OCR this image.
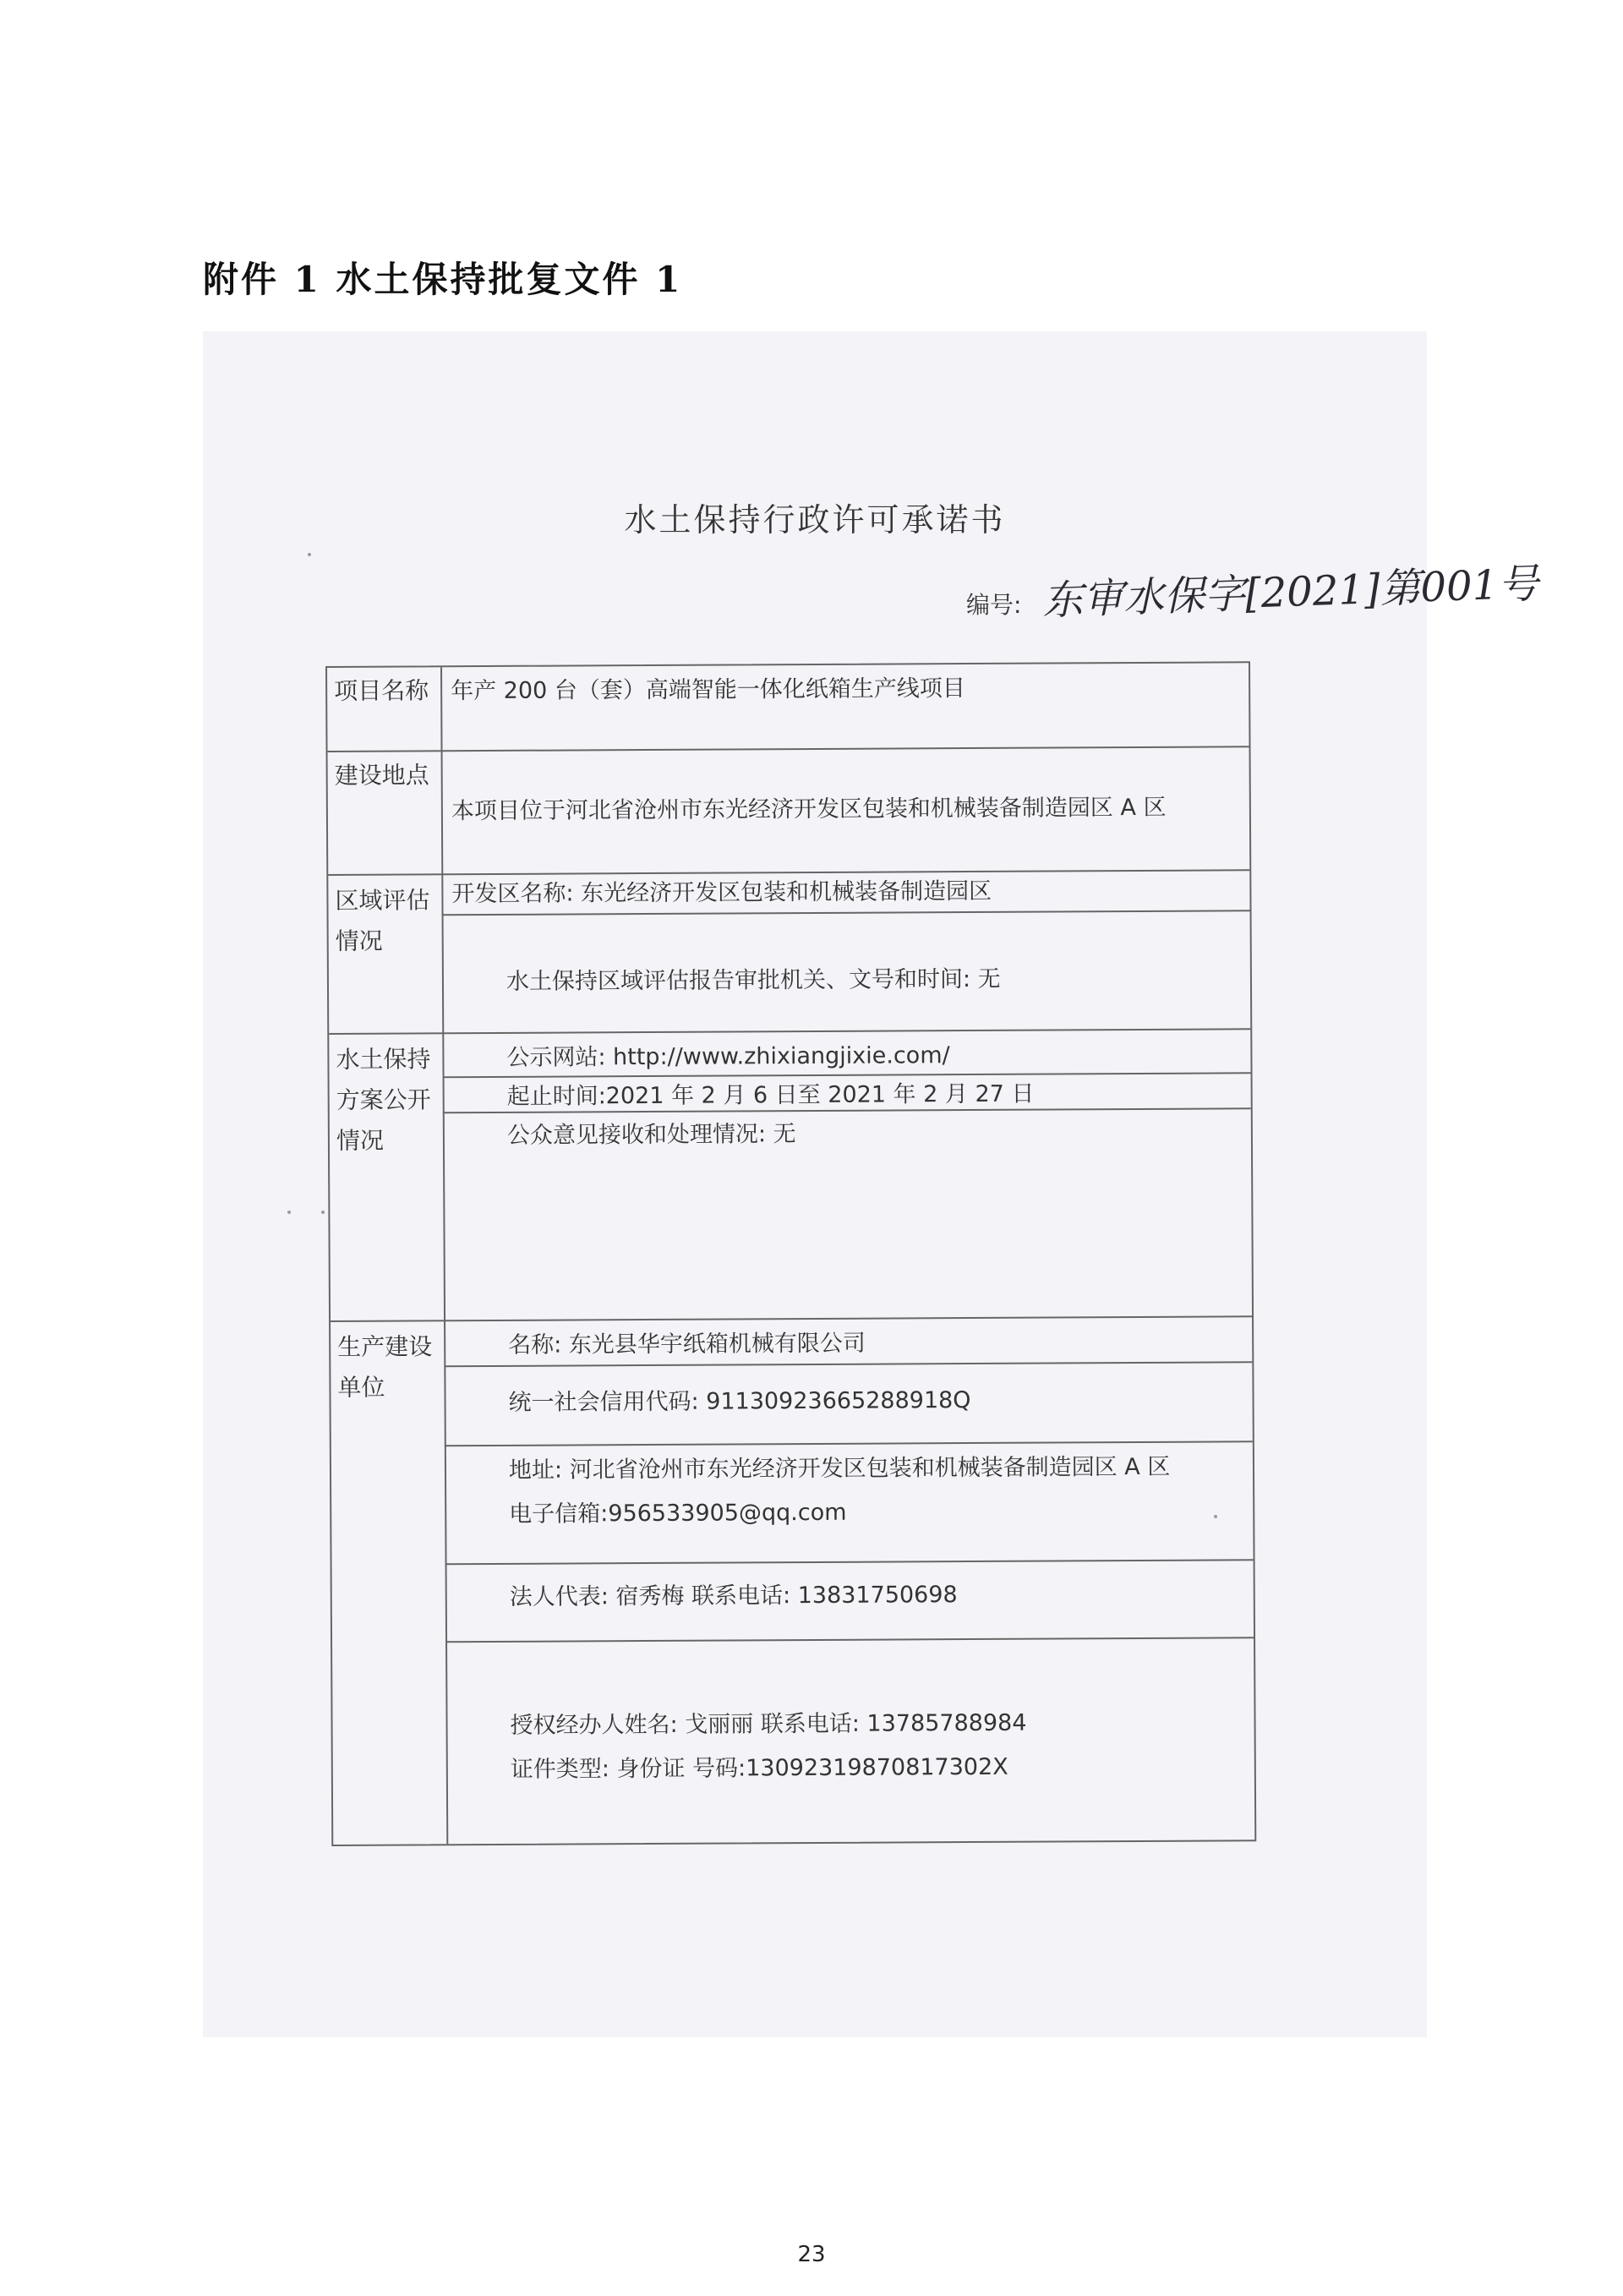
附件 1 水土保持批复文件 1
水土保持行政许可承诺书
编号: 东审水保字[2021]第001号
项目名称 年产 200 台（套）高端智能一体化纸箱生产线项目
建设地点
本项目位于河北省沧州市东光经济开发区包装和机械装备制造园区 A 区
区域评估情况
开发区名称: 东光经济开发区包装和机械装备制造园区
水土保持区域评估报告审批机关、文号和时间: 无
水土保持方案公开情况
公示网站: http://www.zhixiangjixie.com/
起止时间:2021 年 2 月 6 日至 2021 年 2 月 27 日
公众意见接收和处理情况: 无
生产建设单位
名称: 东光县华宇纸箱机械有限公司
统一社会信用代码: 91130923665288918Q
地址: 河北省沧州市东光经济开发区包装和机械装备制造园区 A 区
电子信箱:956533905@qq.com
法人代表: 宿秀梅 联系电话: 13831750698
授权经办人姓名: 戈丽丽 联系电话: 13785788984
证件类型: 身份证 号码:13092319870817302X
23
